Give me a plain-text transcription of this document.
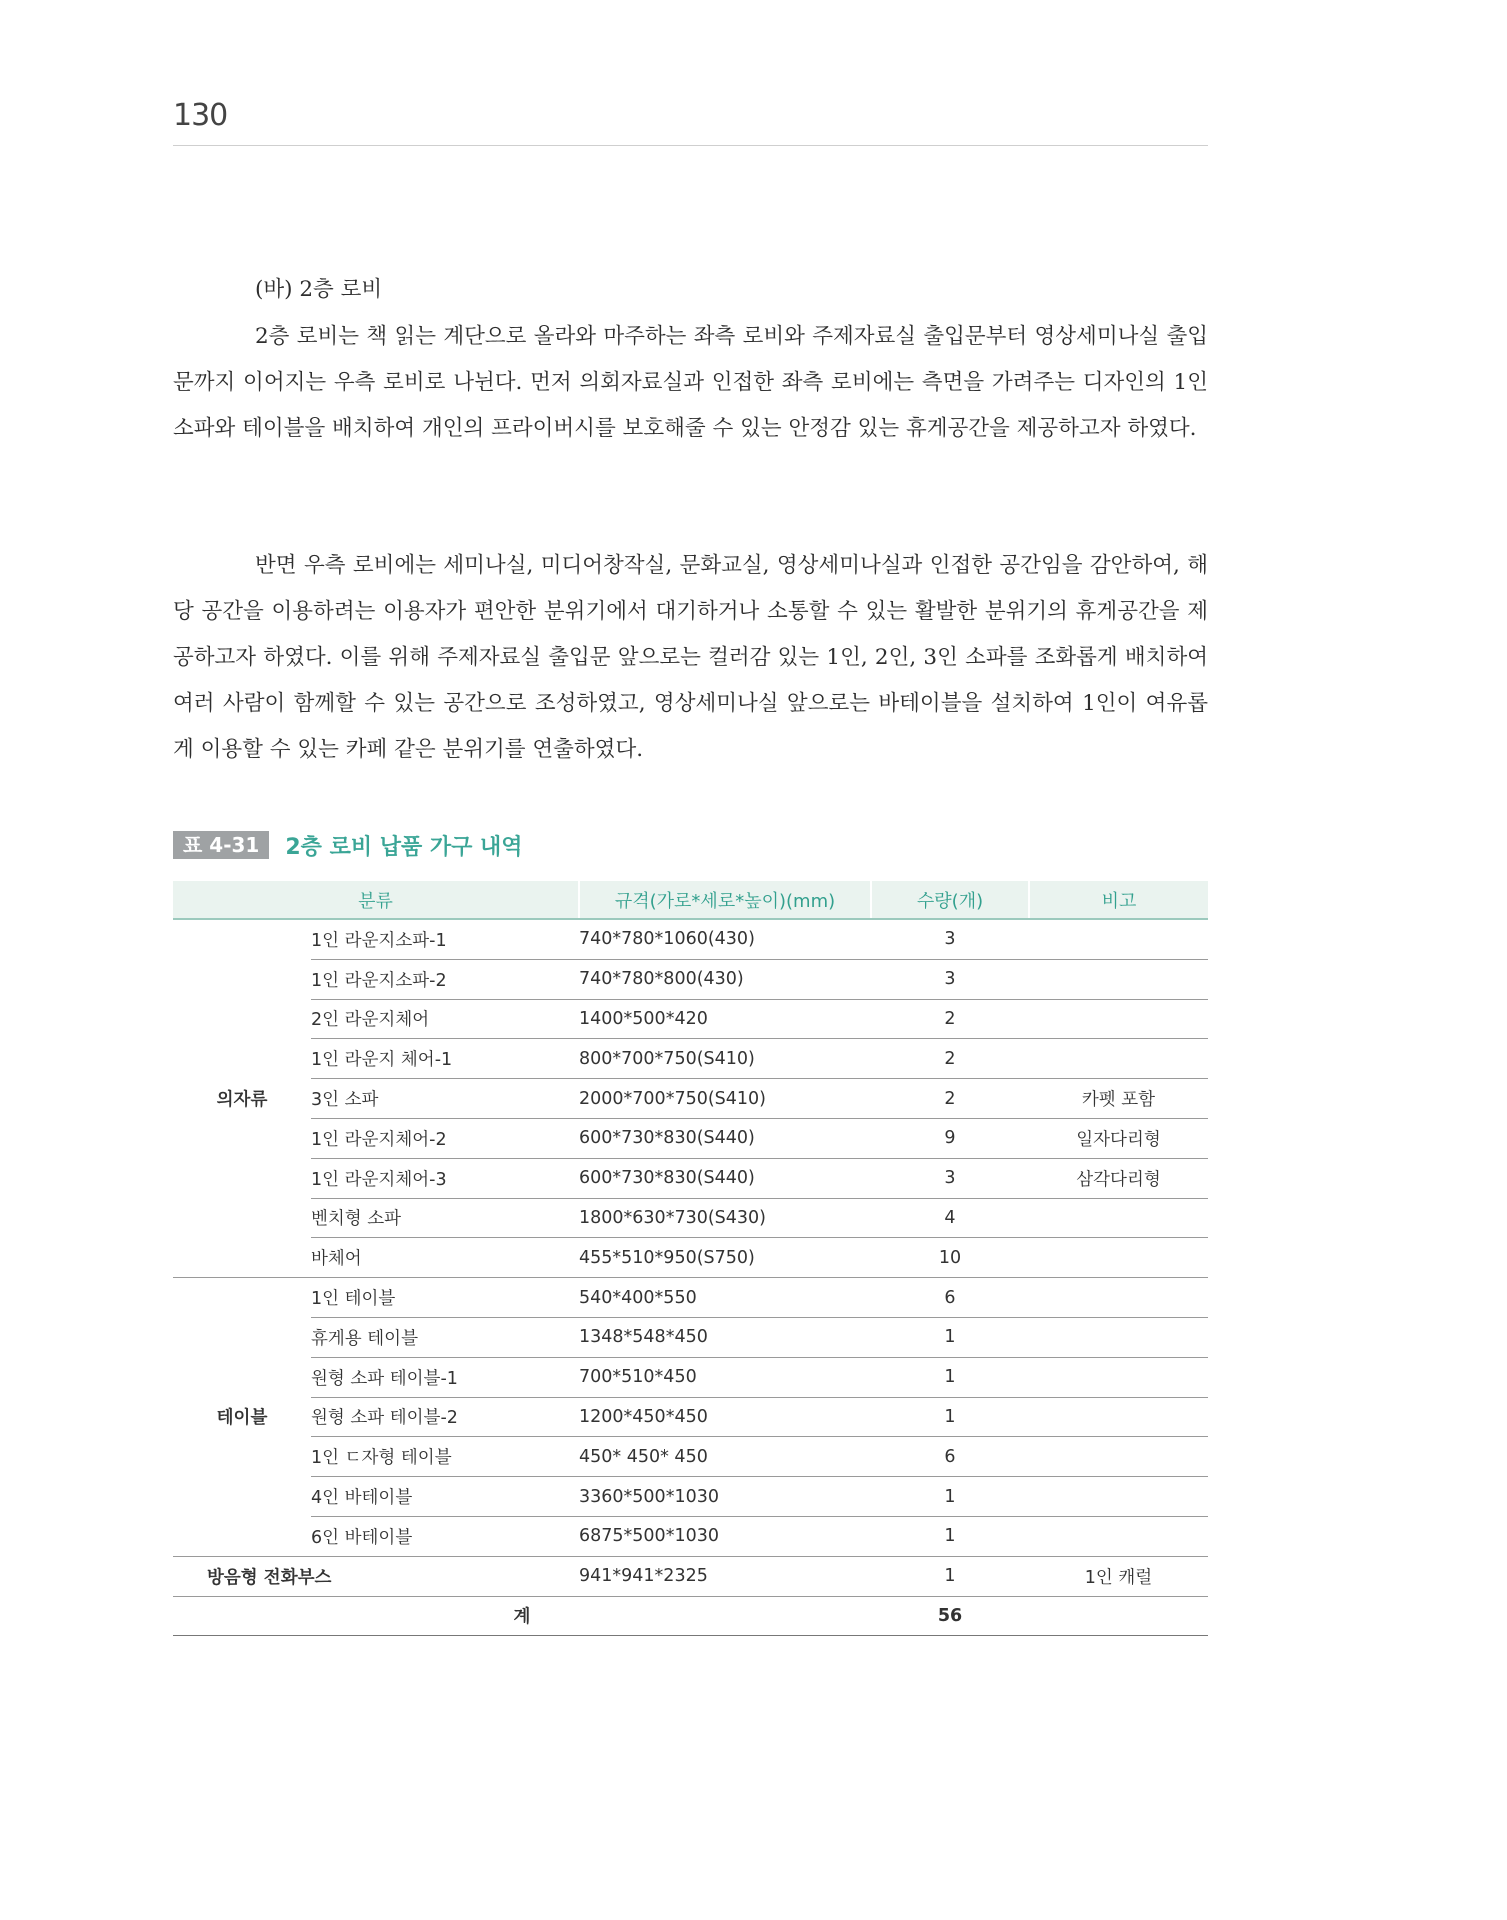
130
(바) 2층 로비

2층 로비는 책 읽는 계단으로 올라와 마주하는 좌측 로비와 주제자료실 출입문부터 영상세미나실 출입문까지 이어지는 우측 로비로 나뉜다. 먼저 의회자료실과 인접한 좌측 로비에는 측면을 가려주는 디자인의 1인 소파와 테이블을 배치하여 개인의 프라이버시를 보호해줄 수 있는 안정감 있는 휴게공간을 제공하고자 하였다.

반면 우측 로비에는 세미나실, 미디어창작실, 문화교실, 영상세미나실과 인접한 공간임을 감안하여, 해당 공간을 이용하려는 이용자가 편안한 분위기에서 대기하거나 소통할 수 있는 활발한 분위기의 휴게공간을 제공하고자 하였다. 이를 위해 주제자료실 출입문 앞으로는 컬러감 있는 1인, 2인, 3인 소파를 조화롭게 배치하여 여러 사람이 함께할 수 있는 공간으로 조성하였고, 영상세미나실 앞으로는 바테이블을 설치하여 1인이 여유롭게 이용할 수 있는 카페 같은 분위기를 연출하였다.

표 4-31	2층 로비 납품 가구 내역
분류		규격(가로*세로*높이)(mm)	수량(개)	비고
의자류	1인 라운지소파-1	740*780*1060(430)	3	
	1인 라운지소파-2	740*780*800(430)	3	
	2인 라운지체어	1400*500*420	2	
	1인 라운지 체어-1	800*700*750(S410)	2	
	3인 소파	2000*700*750(S410)	2	카펫 포함
	1인 라운지체어-2	600*730*830(S440)	9	일자다리형
	1인 라운지체어-3	600*730*830(S440)	3	삼각다리형
	벤치형 소파	1800*630*730(S430)	4	
	바체어	455*510*950(S750)	10	
테이블	1인 테이블	540*400*550	6	
	휴게용 테이블	1348*548*450	1	
	원형 소파 테이블-1	700*510*450	1	
	원형 소파 테이블-2	1200*450*450	1	
	1인 ㄷ자형 테이블	450* 450* 450	6	
	4인 바테이블	3360*500*1030	1	
	6인 바테이블	6875*500*1030	1	
방음형 전화부스		941*941*2325	1	1인 캐럴
계			56	
